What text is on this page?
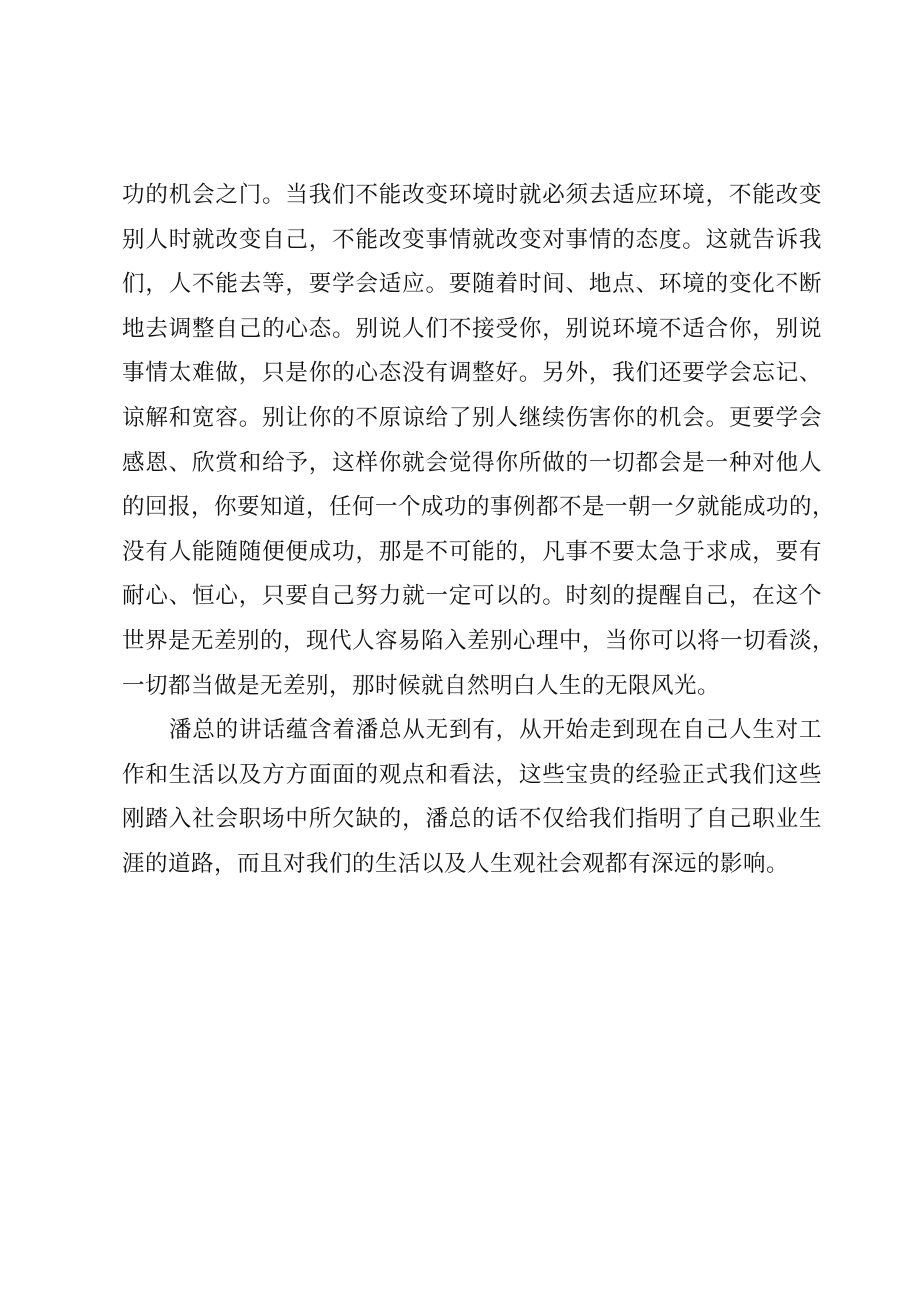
功的机会之门。当我们不能改变环境时就必须去适应环境，不能改变
别人时就改变自己，不能改变事情就改变对事情的态度。这就告诉我
们，人不能去等，要学会适应。要随着时间、地点、环境的变化不断
地去调整自己的心态。别说人们不接受你，别说环境不适合你，别说
事情太难做，只是你的心态没有调整好。另外，我们还要学会忘记、
谅解和宽容。别让你的不原谅给了别人继续伤害你的机会。更要学会
感恩、欣赏和给予，这样你就会觉得你所做的一切都会是一种对他人
的回报，你要知道，任何一个成功的事例都不是一朝一夕就能成功的，
没有人能随随便便成功，那是不可能的，凡事不要太急于求成，要有
耐心、恒心，只要自己努力就一定可以的。时刻的提醒自己，在这个
世界是无差别的，现代人容易陷入差别心理中，当你可以将一切看淡，
一切都当做是无差别，那时候就自然明白人生的无限风光。
潘总的讲话蕴含着潘总从无到有，从开始走到现在自己人生对工
作和生活以及方方面面的观点和看法，这些宝贵的经验正式我们这些
刚踏入社会职场中所欠缺的，潘总的话不仅给我们指明了自己职业生
涯的道路，而且对我们的生活以及人生观社会观都有深远的影响。
